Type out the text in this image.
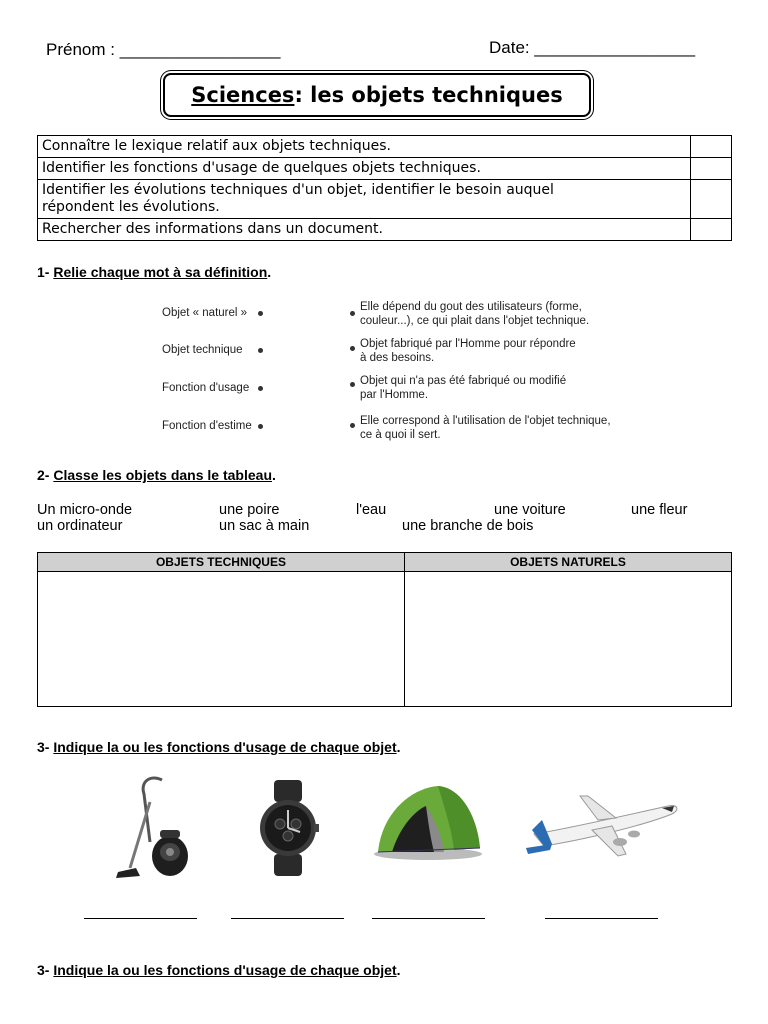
Prénom : _________________	Date: _________________
Sciences : les objets techniques
Connaître le lexique relatif aux objets techniques.	
Identifier les fonctions d'usage de quelques objets techniques.	
Identifier les évolutions techniques d'un objet, identifier le besoin auquel répondent les évolutions.	
Rechercher des informations dans un document.	
1- Relie chaque mot à sa définition.
Objet « naturel »
Objet technique
Fonction d'usage
Fonction d'estime
Elle dépend du gout des utilisateurs (forme,
couleur...), ce qui plait dans l'objet technique.
Objet fabriqué par l'Homme pour répondre
à des besoins.
Objet qui n'a pas été fabriqué ou modifié
par l'Homme.
Elle correspond à l'utilisation de l'objet technique,
ce à quoi il sert.
2- Classe les objets dans le tableau.
Un micro-onde	une poire	l'eau	une voiture	une fleur
un ordinateur	un sac à main	une branche de bois
OBJETS TECHNIQUES	OBJETS NATURELS

3- Indique la ou les fonctions d'usage de chaque objet.
3- Indique la ou les fonctions d'usage de chaque objet.
